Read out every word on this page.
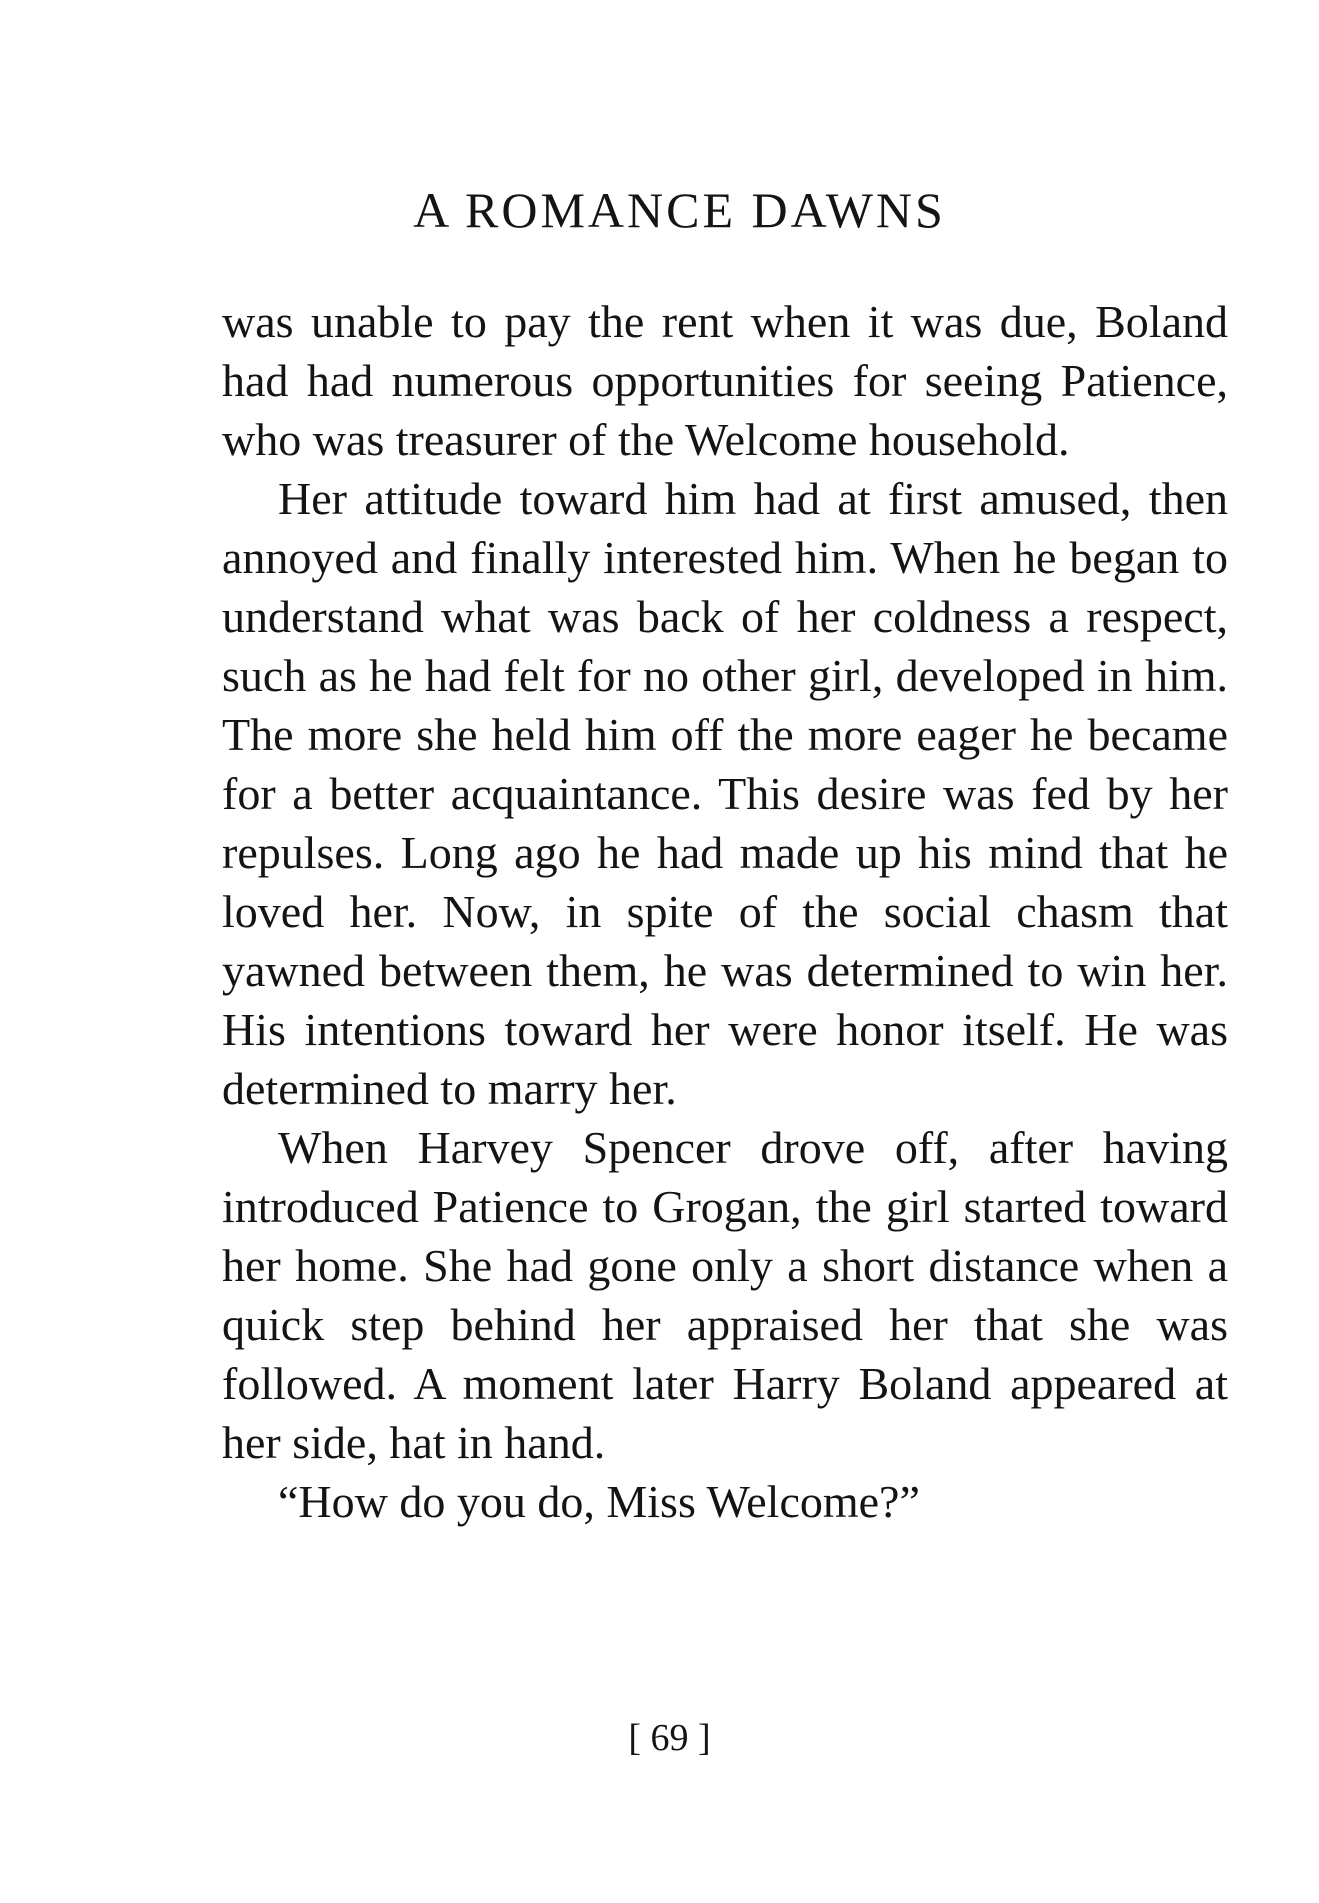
A ROMANCE DAWNS

was unable to pay the rent when it was due, Boland had had numerous opportunities for seeing Patience, who was treasurer of the Welcome household.

Her attitude toward him had at first amused, then annoyed and finally interested him. When he began to understand what was back of her coldness a respect, such as he had felt for no other girl, developed in him. The more she held him off the more eager he became for a better acquaintance. This desire was fed by her repulses. Long ago he had made up his mind that he loved her. Now, in spite of the social chasm that yawned between them, he was determined to win her. His intentions toward her were honor itself. He was determined to marry her.

When Harvey Spencer drove off, after having introduced Patience to Grogan, the girl started toward her home. She had gone only a short distance when a quick step behind her appraised her that she was followed. A moment later Harry Boland appeared at her side, hat in hand.

“How do you do, Miss Welcome?”

[ 69 ]
